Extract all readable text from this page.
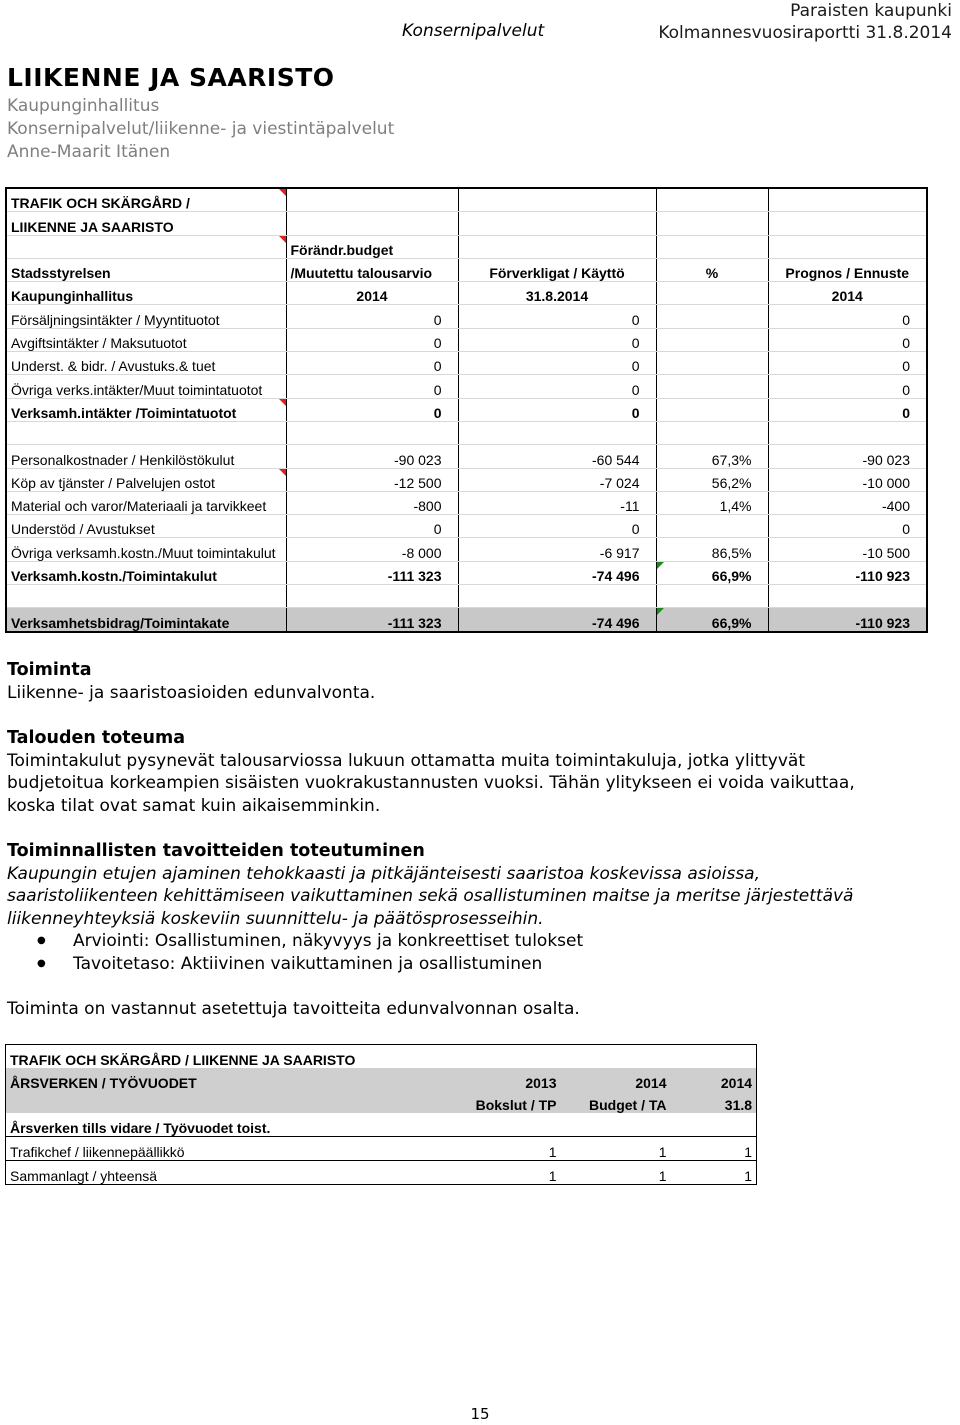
Konsernipalvelut
Paraisten kaupunki
Kolmannesvuosiraportti 31.8.2014
LIIKENNE JA SAARISTO
Kaupunginhallitus
Konsernipalvelut/liikenne- ja viestintäpalvelut
Anne-Maarit Itänen
TRAFIK OCH SKÄRGÅRD /				
LIIKENNE JA SAARISTO				
	Förändr.budget			
Stadsstyrelsen	/Muutettu talousarvio	Förverkligat / Käyttö	%	Prognos / Ennuste
Kaupunginhallitus	2014	31.8.2014		2014
Försäljningsintäkter / Myyntituotot	0	0		0
Avgiftsintäkter / Maksutuotot	0	0		0
Underst. & bidr. / Avustuks.& tuet	0	0		0
Övriga verks.intäkter/Muut toimintatuotot	0	0		0
Verksamh.intäkter /Toimintatuotot	0	0		0

Personalkostnader / Henkilöstökulut	-90 023	-60 544	67,3%	-90 023
Köp av tjänster / Palvelujen ostot	-12 500	-7 024	56,2%	-10 000
Material och varor/Materiaali ja tarvikkeet	-800	-11	1,4%	-400
Understöd / Avustukset	0	0		0
Övriga verksamh.kostn./Muut toimintakulut	-8 000	-6 917	86,5%	-10 500
Verksamh.kostn./Toimintakulut	-111 323	-74 496	66,9%	-110 923

Verksamhetsbidrag/Toimintakate	-111 323	-74 496	66,9%	-110 923
Toiminta
Liikenne- ja saaristoasioiden edunvalvonta.
Talouden toteuma
Toimintakulut pysynevät talousarviossa lukuun ottamatta muita toimintakuluja, jotka ylittyvät
budjetoitua korkeampien sisäisten vuokrakustannusten vuoksi. Tähän ylitykseen ei voida vaikuttaa,
koska tilat ovat samat kuin aikaisemminkin.
Toiminnallisten tavoitteiden toteutuminen
Kaupungin etujen ajaminen tehokkaasti ja pitkäjänteisesti saaristoa koskevissa asioissa,
saaristoliikenteen kehittämiseen vaikuttaminen sekä osallistuminen maitse ja meritse järjestettävä
liikenneyhteyksiä koskeviin suunnittelu- ja päätösprosesseihin.
● Arviointi: Osallistuminen, näkyvyys ja konkreettiset tulokset
● Tavoitetaso: Aktiivinen vaikuttaminen ja osallistuminen
Toiminta on vastannut asetettuja tavoitteita edunvalvonnan osalta.
TRAFIK OCH SKÄRGÅRD / LIIKENNE JA SAARISTO			
ÅRSVERKEN / TYÖVUODET	2013	2014	2014
	Bokslut / TP	Budget / TA	31.8
Årsverken tills vidare / Työvuodet toist.			
Trafikchef / liikennepäällikkö	1	1	1
Sammanlagt / yhteensä	1	1	1
15
